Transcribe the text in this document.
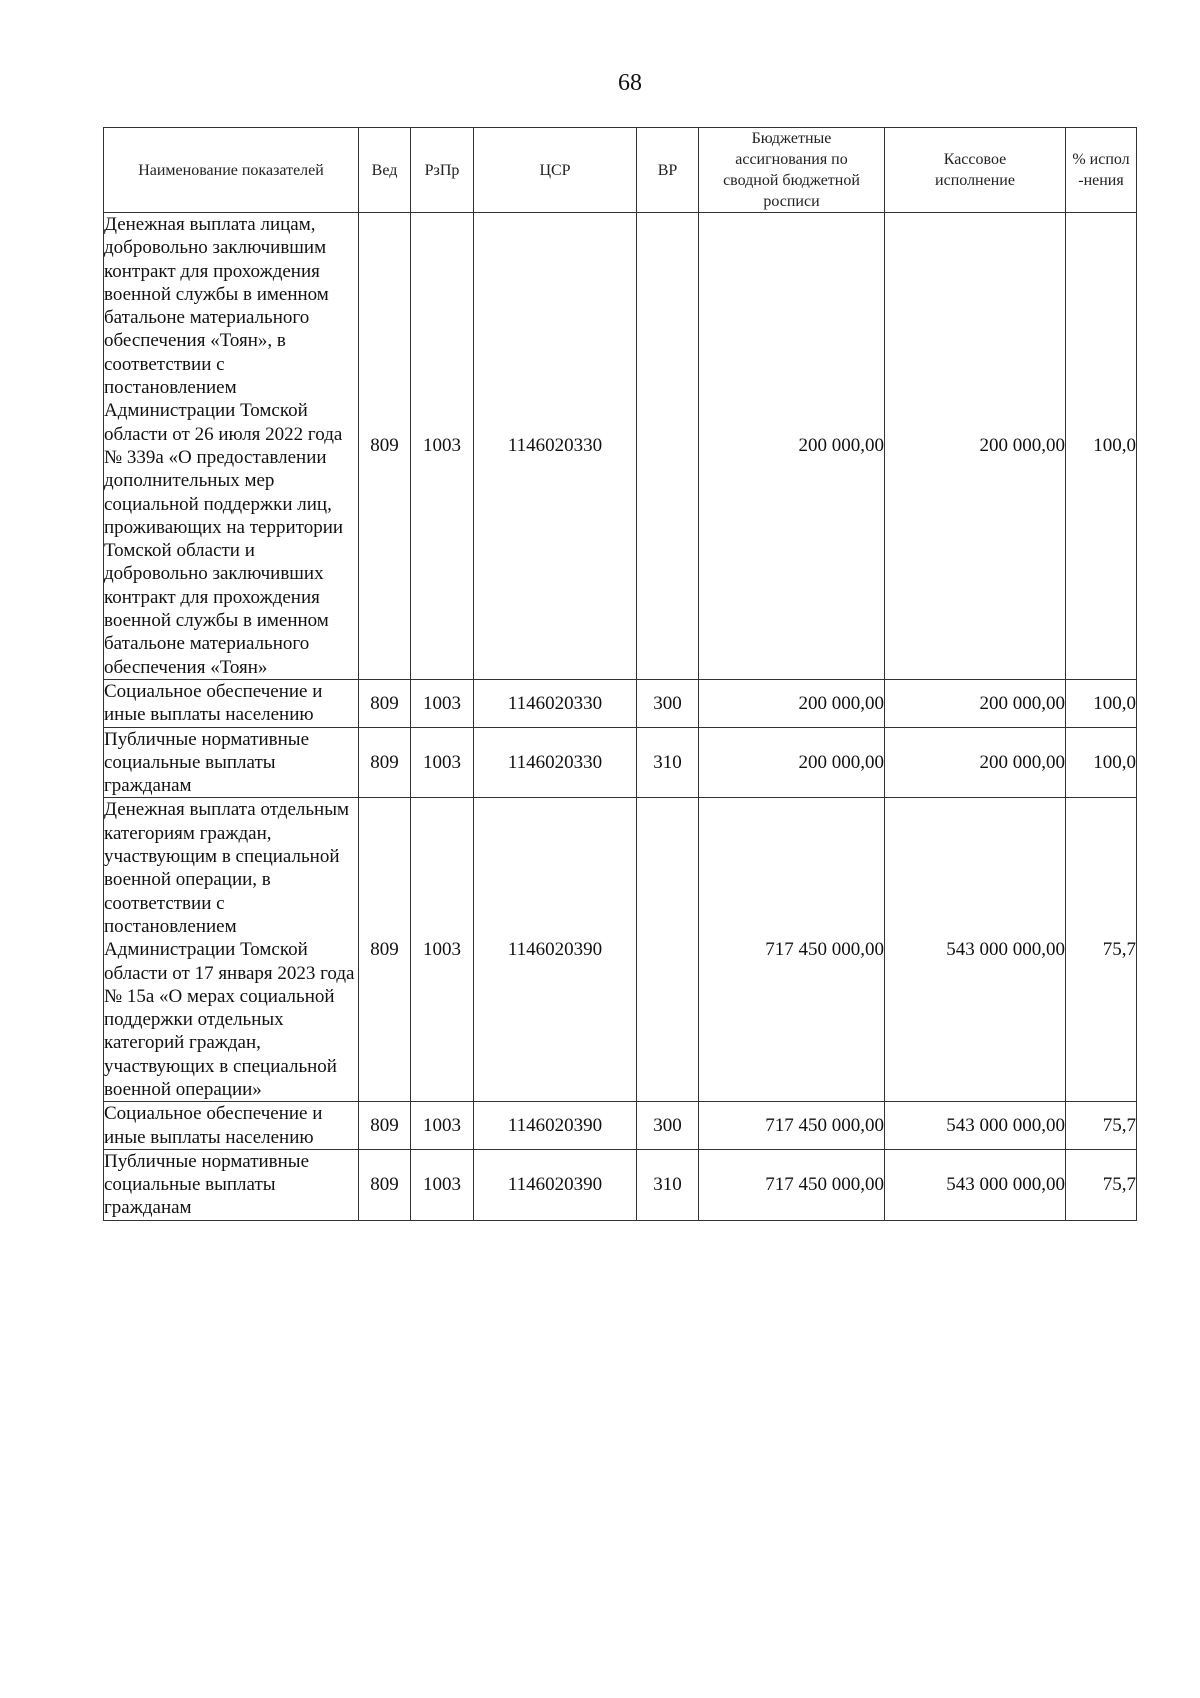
68
Наименование показателей	Вед	РзПр	ЦСР	ВР	Бюджетные ассигнования по сводной бюджетной росписи	Кассовое исполнение	% испол-нения
Денежная выплата лицам, добровольно заключившим контракт для прохождения военной службы в именном батальоне материального обеспечения «Тоян», в соответствии с постановлением Администрации Томской области от 26 июля 2022 года № 339а «О предоставлении дополнительных мер социальной поддержки лиц, проживающих на территории Томской области и добровольно заключивших контракт для прохождения военной службы в именном батальоне материального обеспечения «Тоян»	809	1003	1146020330		200 000,00	200 000,00	100,0
Социальное обеспечение и иные выплаты населению	809	1003	1146020330	300	200 000,00	200 000,00	100,0
Публичные нормативные социальные выплаты гражданам	809	1003	1146020330	310	200 000,00	200 000,00	100,0
Денежная выплата отдельным категориям граждан, участвующим в специальной военной операции, в соответствии с постановлением Администрации Томской области от 17 января 2023 года № 15а «О мерах социальной поддержки отдельных категорий граждан, участвующих в специальной военной операции»	809	1003	1146020390		717 450 000,00	543 000 000,00	75,7
Социальное обеспечение и иные выплаты населению	809	1003	1146020390	300	717 450 000,00	543 000 000,00	75,7
Публичные нормативные социальные выплаты гражданам	809	1003	1146020390	310	717 450 000,00	543 000 000,00	75,7
